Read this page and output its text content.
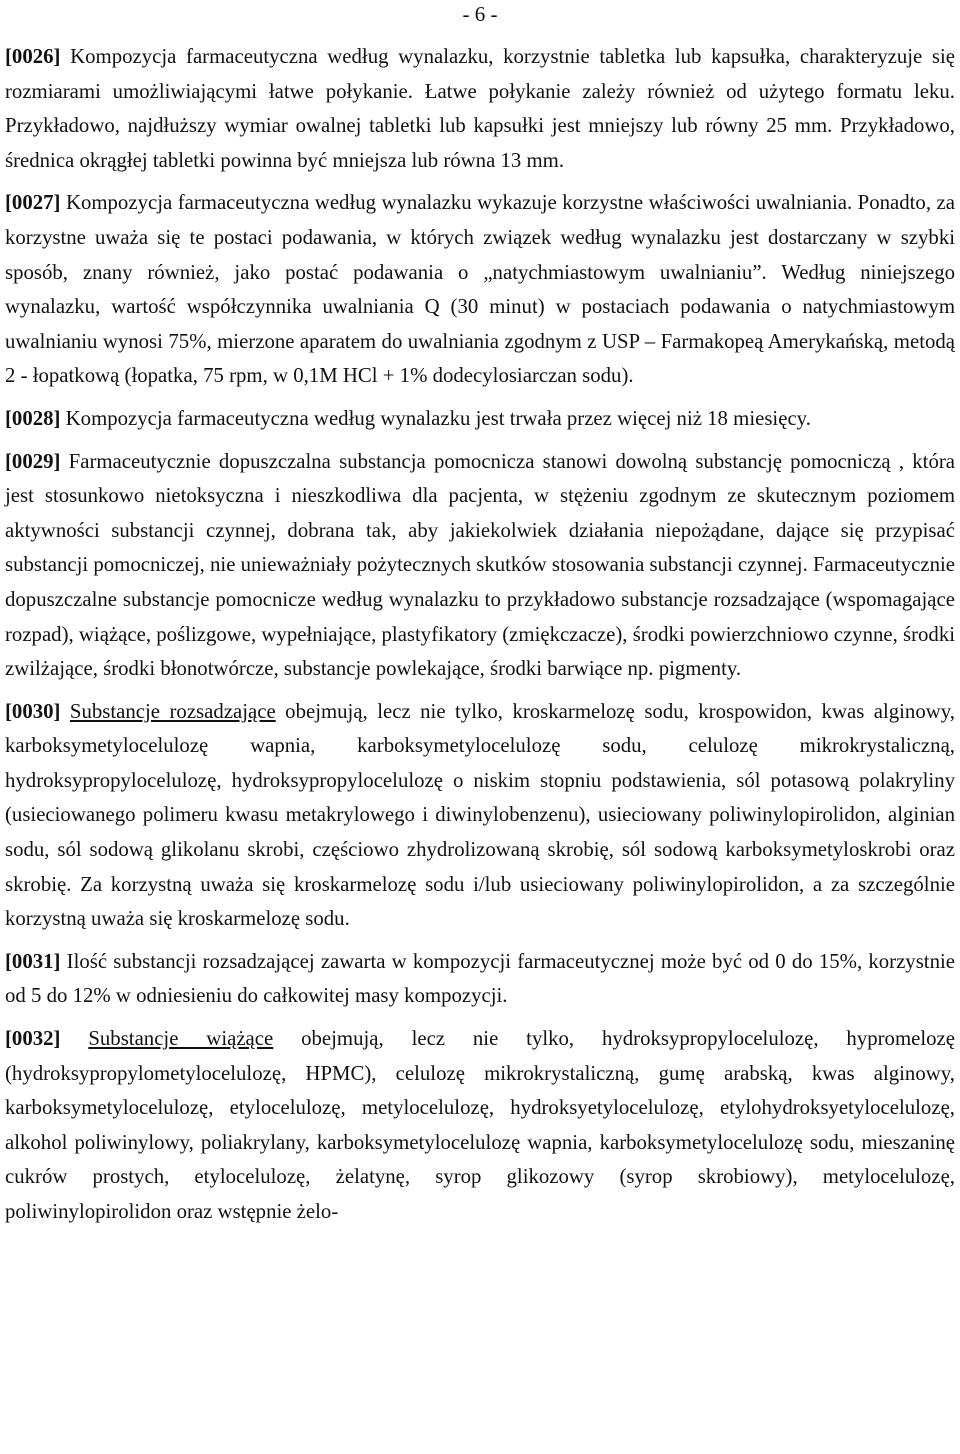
- 6 -

[0026] Kompozycja farmaceutyczna według wynalazku, korzystnie tabletka lub kapsułka, charakteryzuje się rozmiarami umożliwiającymi łatwe połykanie. Łatwe połykanie zależy również od użytego formatu leku. Przykładowo, najdłuższy wymiar owalnej tabletki lub kapsułki jest mniejszy lub równy 25 mm. Przykładowo, średnica okrągłej tabletki powinna być mniejsza lub równa 13 mm.

[0027] Kompozycja farmaceutyczna według wynalazku wykazuje korzystne właściwości uwalniania. Ponadto, za korzystne uważa się te postaci podawania, w których związek według wynalazku jest dostarczany w szybki sposób, znany również, jako postać podawania o „natychmiastowym uwalnianiu”. Według niniejszego wynalazku, wartość współczynnika uwalniania Q (30 minut) w postaciach podawania o natychmiastowym uwalnianiu wynosi 75%, mierzone aparatem do uwalniania zgodnym z USP – Farmakopeą Amerykańską, metodą 2 - łopatkową (łopatka, 75 rpm, w 0,1M HCl + 1% dodecylosiarczan sodu).

[0028] Kompozycja farmaceutyczna według wynalazku jest trwała przez więcej niż 18 miesięcy.

[0029] Farmaceutycznie dopuszczalna substancja pomocnicza stanowi dowolną substancję pomocniczą , która jest stosunkowo nietoksyczna i nieszkodliwa dla pacjenta, w stężeniu zgodnym ze skutecznym poziomem aktywności substancji czynnej, dobrana tak, aby jakiekolwiek działania niepożądane, dające się przypisać substancji pomocniczej, nie unieważniały pożytecznych skutków stosowania substancji czynnej. Farmaceutycznie dopuszczalne substancje pomocnicze według wynalazku to przykładowo substancje rozsadzające (wspomagające rozpad), wiążące, poślizgowe, wypełniające, plastyfikatory (zmiękczacze), środki powierzchniowo czynne, środki zwilżające, środki błonotwórcze, substancje powlekające, środki barwiące np. pigmenty.

[0030] Substancje rozsadzające obejmują, lecz nie tylko, kroskarmelozę sodu, krospowidon, kwas alginowy, karboksymetylocelulozę wapnia, karboksymetylocelulozę sodu, celulozę mikrokrystaliczną, hydroksypropylocelulozę, hydroksypropylocelulozę o niskim stopniu podstawienia, sól potasową polakryliny (usieciowanego polimeru kwasu metakrylowego i diwinylobenzenu), usieciowany poliwinylopirolidon, alginian sodu, sól sodową glikolanu skrobi, częściowo zhydrolizowaną skrobię, sól sodową karboksymetyloskrobi oraz skrobię. Za korzystną uważa się kroskarmelozę sodu i/lub usieciowany poliwinylopirolidon, a za szczególnie korzystną uważa się kroskarmelozę sodu.

[0031] Ilość substancji rozsadzającej zawarta w kompozycji farmaceutycznej może być od 0 do 15%, korzystnie od 5 do 12% w odniesieniu do całkowitej masy kompozycji.

[0032] Substancje wiążące obejmują, lecz nie tylko, hydroksypropylocelulozę, hypromelozę (hydroksypropylometylocelulozę, HPMC), celulozę mikrokrystaliczną, gumę arabską, kwas alginowy, karboksymetylocelulozę, etylocelulozę, metylocelulozę, hydroksyetylocelulozę, etylohydroksyetylocelulozę, alkohol poliwinylowy, poliakrylany, karboksymetylocelulozę wapnia, karboksymetylocelulozę sodu, mieszaninę cukrów prostych, etylocelulozę, żelatynę, syrop glikozowy (syrop skrobiowy), metylocelulozę, poliwinylopirolidon oraz wstępnie żelo-
